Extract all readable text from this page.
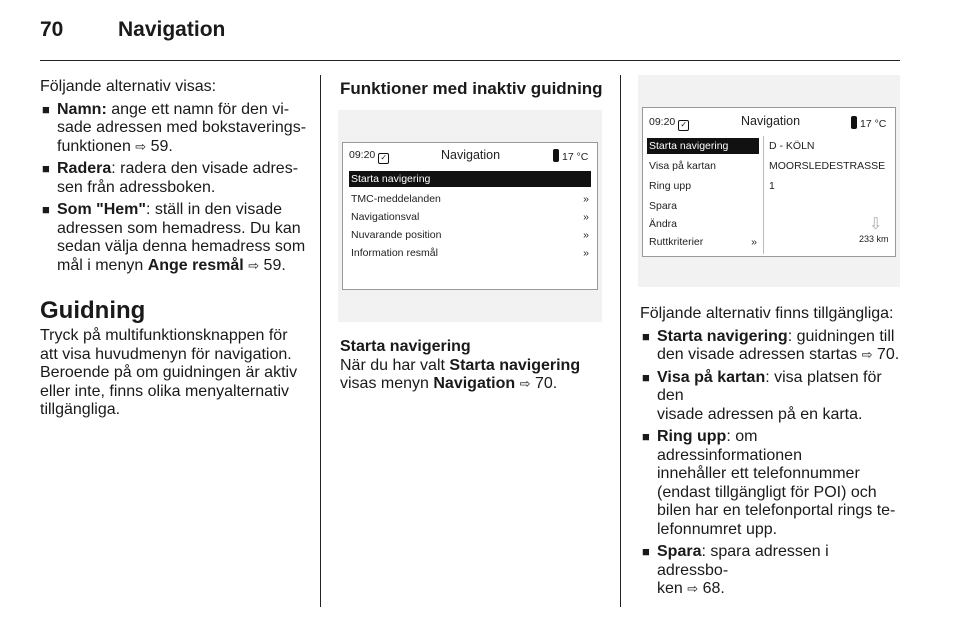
70	Navigation

Följande alternativ visas:

■ Namn: ange ett namn för den vi-
sade adressen med bokstaverings-
funktionen ⇨ 59.
■ Radera: radera den visade adres-
sen från adressboken.
■ Som "Hem": ställ in den visade
adressen som hemadress. Du kan
sedan välja denna hemadress som
mål i menyn Ange resmål ⇨ 59.
Guidning
Tryck på multifunktionsknappen för
att visa huvudmenyn för navigation.
Beroende på om guidningen är aktiv
eller inte, finns olika menyalternativ
tillgängliga.
Funktioner med inaktiv guidning
09:20 ✓	Navigation	17 °C
Starta navigering
TMC-meddelanden	»
Navigationsval	»
Nuvarande position	»
Information resmål	»
Starta navigering
När du har valt Starta navigering
visas menyn Navigation ⇨ 70.
09:20 ✓	Navigation	17 °C
Starta navigering
Visa på kartan
Ring upp
Spara
Ändra
Ruttkriterier	»
D - KÖLN
MOORSLEDESTRASSE
1
⇩
233 km

Följande alternativ finns tillgängliga:

■ Starta navigering: guidningen till
den visade adressen startas ⇨ 70.
■ Visa på kartan: visa platsen för den
visade adressen på en karta.
■ Ring upp: om adressinformationen
innehåller ett telefonnummer
(endast tillgängligt för POI) och
bilen har en telefonportal rings te-
lefonnumret upp.
■ Spara: spara adressen i adressbo-
ken ⇨ 68.
